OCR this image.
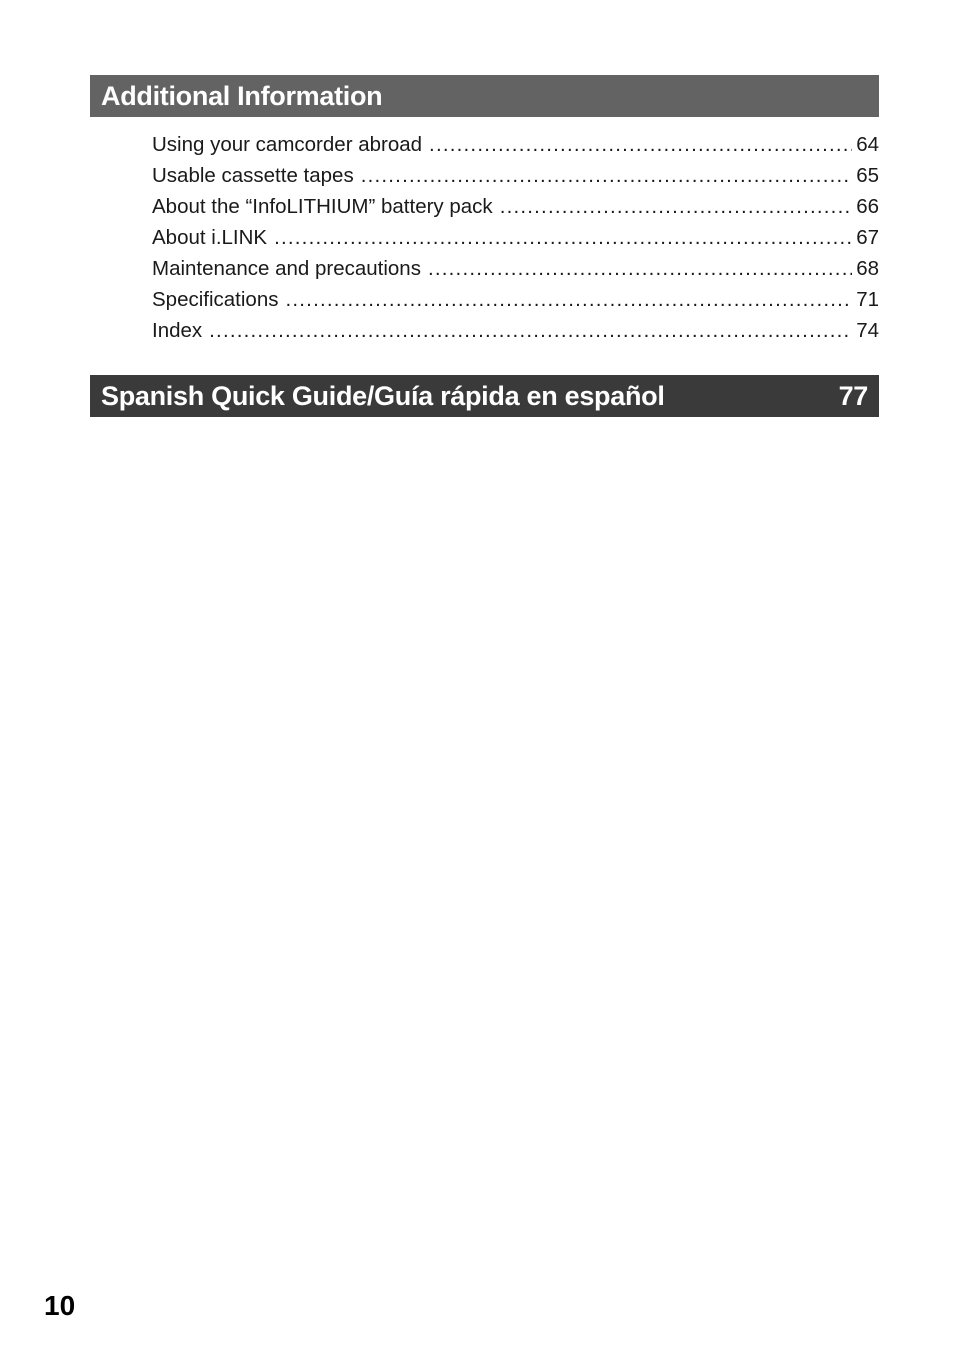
Additional Information
Using your camcorder abroad .....	64
Usable cassette tapes .....	65
About the “InfoLITHIUM” battery pack .....	66
About i.LINK .....	67
Maintenance and precautions .....	68
Specifications .....	71
Index .....	74
Spanish Quick Guide/Guía rápida en español	77
10
